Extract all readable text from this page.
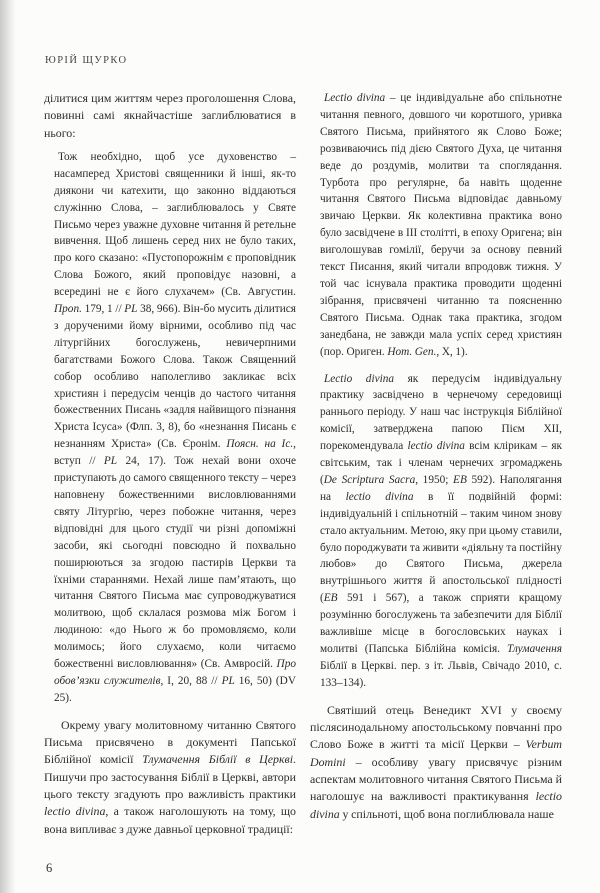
ЮРІЙ ЩУРКО

ділитися цим життям через проголошення Слова, повинні самі якнайчастіше заглиблюватися в нього:

Тож необхідно, щоб усе духовенство – насамперед Христові священники й інші, як-то диякони чи катехити, що законно віддаються служінню Слова, – заглиблювалось у Святе Письмо через уважне духовне читання й ретельне вивчення. Щоб лишень серед них не було таких, про кого сказано: «Пустопорожнім є проповідник Слова Божого, який проповідує назовні, а всередині не є його слухачем» (Св. Августин. Проп. 179, 1 // PL 38, 966). Він-бо мусить ділитися з дорученими йому вірними, особливо під час літургійних богослужень, невичерпними багатствами Божого Слова. Також Священний собор особливо наполегливо закликає всіх християн і передусім ченців до частого читання божественних Писань «задля найвищого пізнання Христа Ісуса» (Флп. 3, 8), бо «незнання Писань є незнанням Христа» (Св. Єронім. Поясн. на Іс., вступ // PL 24, 17). Тож нехай вони охоче приступають до самого священного тексту – через наповнену божественними висловлюваннями святу Літургію, через побожне читання, через відповідні для цього студії чи різні допоміжні засоби, які сьогодні повсюдно й похвально поширюються за згодою пастирів Церкви та їхніми стараннями. Нехай лише пам’ятають, що читання Святого Письма має супроводжуватися молитвою, щоб склалася розмова між Богом і людиною: «до Нього ж бо промовляємо, коли молимось; його слухаємо, коли читаємо божественні висловлювання» (Св. Амвросій. Про обов’язки служителів, I, 20, 88 // PL 16, 50) (DV 25).

Окрему увагу молитовному читанню Святого Письма присвячено в документі Папської Біблійної комісії Тлумачення Біблії в Церкві. Пишучи про застосування Біблії в Церкві, автори цього тексту згадують про важливість практики lectio divina, а також наголошують на тому, що вона випливає з дуже давньої церковної традиції:

Lectio divina – це індивідуальне або спільнотне читання певного, довшого чи коротшого, уривка Святого Письма, прийнятого як Слово Боже; розвиваючись під дією Святого Духа, це читання веде до роздумів, молитви та споглядання. Турбота про регулярне, ба навіть щоденне читання Святого Письма відповідає давньому звичаю Церкви. Як колективна практика воно було засвідчене в III столітті, в епоху Оригена; він виголошував гомілії, беручи за основу певний текст Писання, який читали впродовж тижня. У той час існувала практика проводити щоденні зібрання, присвячені читанню та поясненню Святого Письма. Однак така практика, згодом занедбана, не завжди мала успіх серед християн (пор. Ориген. Hom. Gen., X, 1).

Lectio divina як передусім індивідуальну практику засвідчено в чернечому середовищі раннього періоду. У наш час інструкція Біблійної комісії, затверджена папою Пієм XII, порекомендувала lectio divina всім клірикам – як світським, так і членам чернечих згромаджень (De Scriptura Sacra, 1950; EB 592). Наполягання на lectio divina в її подвійній формі: індивідуальній і спільнотній – таким чином знову стало актуальним. Метою, яку при цьому ставили, було породжувати та живити «діяльну та постійну любов» до Святого Письма, джерела внутрішнього життя й апостольської плідності (EB 591 і 567), а також сприяти кращому розумінню богослужень та забезпечити для Біблії важливіше місце в богословських науках і молитві (Папська Біблійна комісія. Тлумачення Біблії в Церкві. пер. з іт. Львів, Свічадо 2010, с. 133–134).

Святіший отець Венедикт XVI у своєму післясинодальному апостольському повчанні про Слово Боже в житті та місії Церкви – Verbum Domini – особливу увагу присвячує різним аспектам молитовного читання Святого Письма й наголошує на важливості практикування lectio divina у спільноті, щоб вона поглиблювала наше

6
